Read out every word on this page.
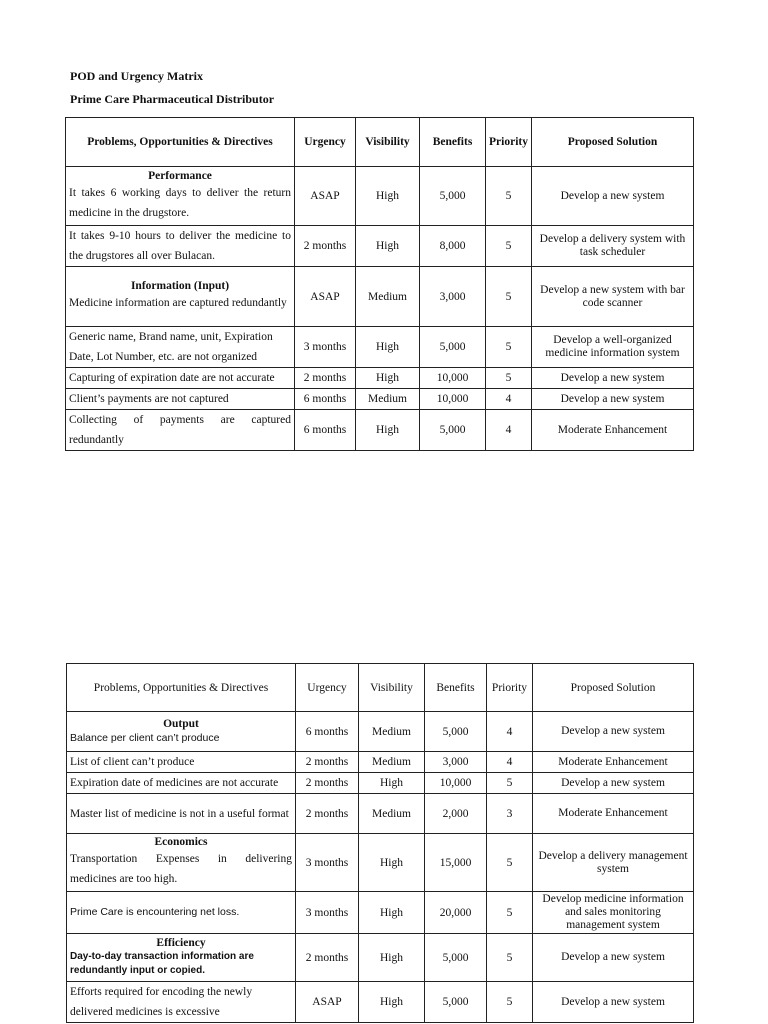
POD and Urgency Matrix
Prime Care Pharmaceutical Distributor
Problems, Opportunities & Directives	Urgency	Visibility	Benefits	Priority	Proposed Solution

Performance
It takes 6 working days to deliver the return medicine in the drugstore.	ASAP	High	5,000	5	Develop a new system

It takes 9-10 hours to deliver the medicine to the drugstores all over Bulacan.	2 months	High	8,000	5	Develop a delivery system with task scheduler

Information (Input)
Medicine information are captured redundantly	ASAP	Medium	3,000	5	Develop a new system with bar code scanner

Generic name, Brand name, unit, Expiration Date, Lot Number, etc. are not organized	3 months	High	5,000	5	Develop a well-organized medicine information system

Capturing of expiration date are not accurate	2 months	High	10,000	5	Develop a new system

Client’s payments are not captured	6 months	Medium	10,000	4	Develop a new system

Collecting of payments are captured redundantly	6 months	High	5,000	4	Moderate Enhancement
Problems, Opportunities & Directives	Urgency	Visibility	Benefits	Priority	Proposed Solution

Output
Balance per client can’t produce	6 months	Medium	5,000	4	Develop a new system

List of client can’t produce	2 months	Medium	3,000	4	Moderate Enhancement

Expiration date of medicines are not accurate	2 months	High	10,000	5	Develop a new system

Master list of medicine is not in a useful format	2 months	Medium	2,000	3	Moderate Enhancement

Economics
Transportation Expenses in delivering medicines are too high.	3 months	High	15,000	5	Develop a delivery management system

Prime Care is encountering net loss.	3 months	High	20,000	5	Develop medicine information and sales monitoring management system

Efficiency
Day-to-day transaction information are redundantly input or copied.	2 months	High	5,000	5	Develop a new system

Efforts required for encoding the newly delivered medicines is excessive	ASAP	High	5,000	5	Develop a new system
